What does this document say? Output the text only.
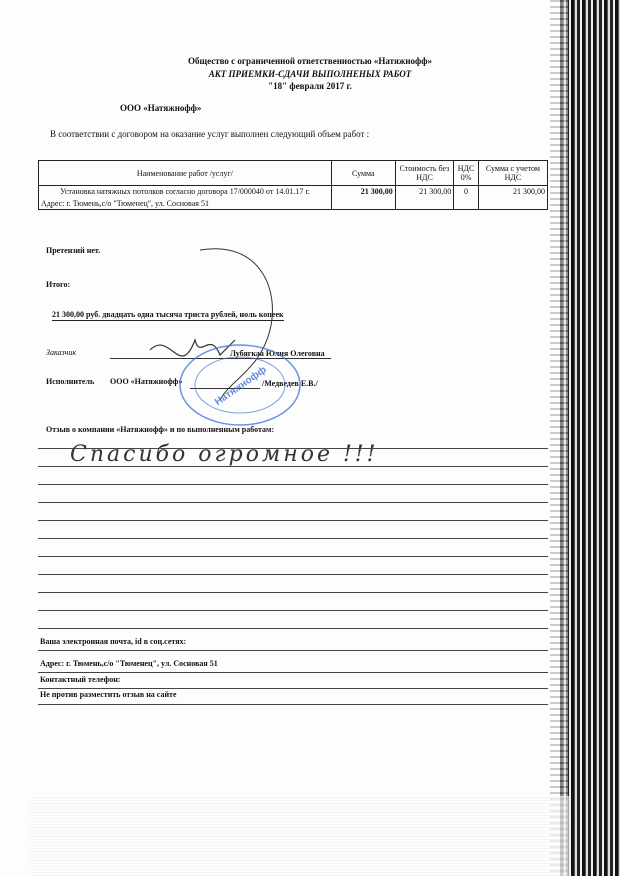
Общество с ограниченной ответственностью «Натяжнофф»
АКТ ПРИЕМКИ-СДАЧИ ВЫПОЛНЕНЫХ РАБОТ
"18" февраля 2017 г.
ООО «Натяжнофф»
В соответствии с договором на оказание услуг выполнен следующий объем работ :
Наименование работ /услуг/	Сумма	Стоимость без НДС	НДС 0%	Сумма с учетом НДС

Установка натяжных потолков согласно договора 17/000040 от 14.01.17 г.
Адрес: г. Тюмень,с/о "Тюменец", ул. Сосновая 51	21 300,00	21 300,00	0	21 300,00
Претензий нет.
Итого:
21 300,00 руб. двадцать одна тысяча триста рублей, ноль копеек
Заказчик	Лубягкаа Юлия Олеговна
Исполнитель ООО «Натяжнофф»	/Медведев Е.В./
Натяжнофф
Отзыв о компании «Натяжнофф» и по выполненным работам:
Спасибо огромное !!!
Ваша электронная почта, id в соц.сетях:
Адрес: г. Тюмень,с/о "Тюменец", ул. Сосновая 51
Контактный телефон:
Не против разместить отзыв на сайте
